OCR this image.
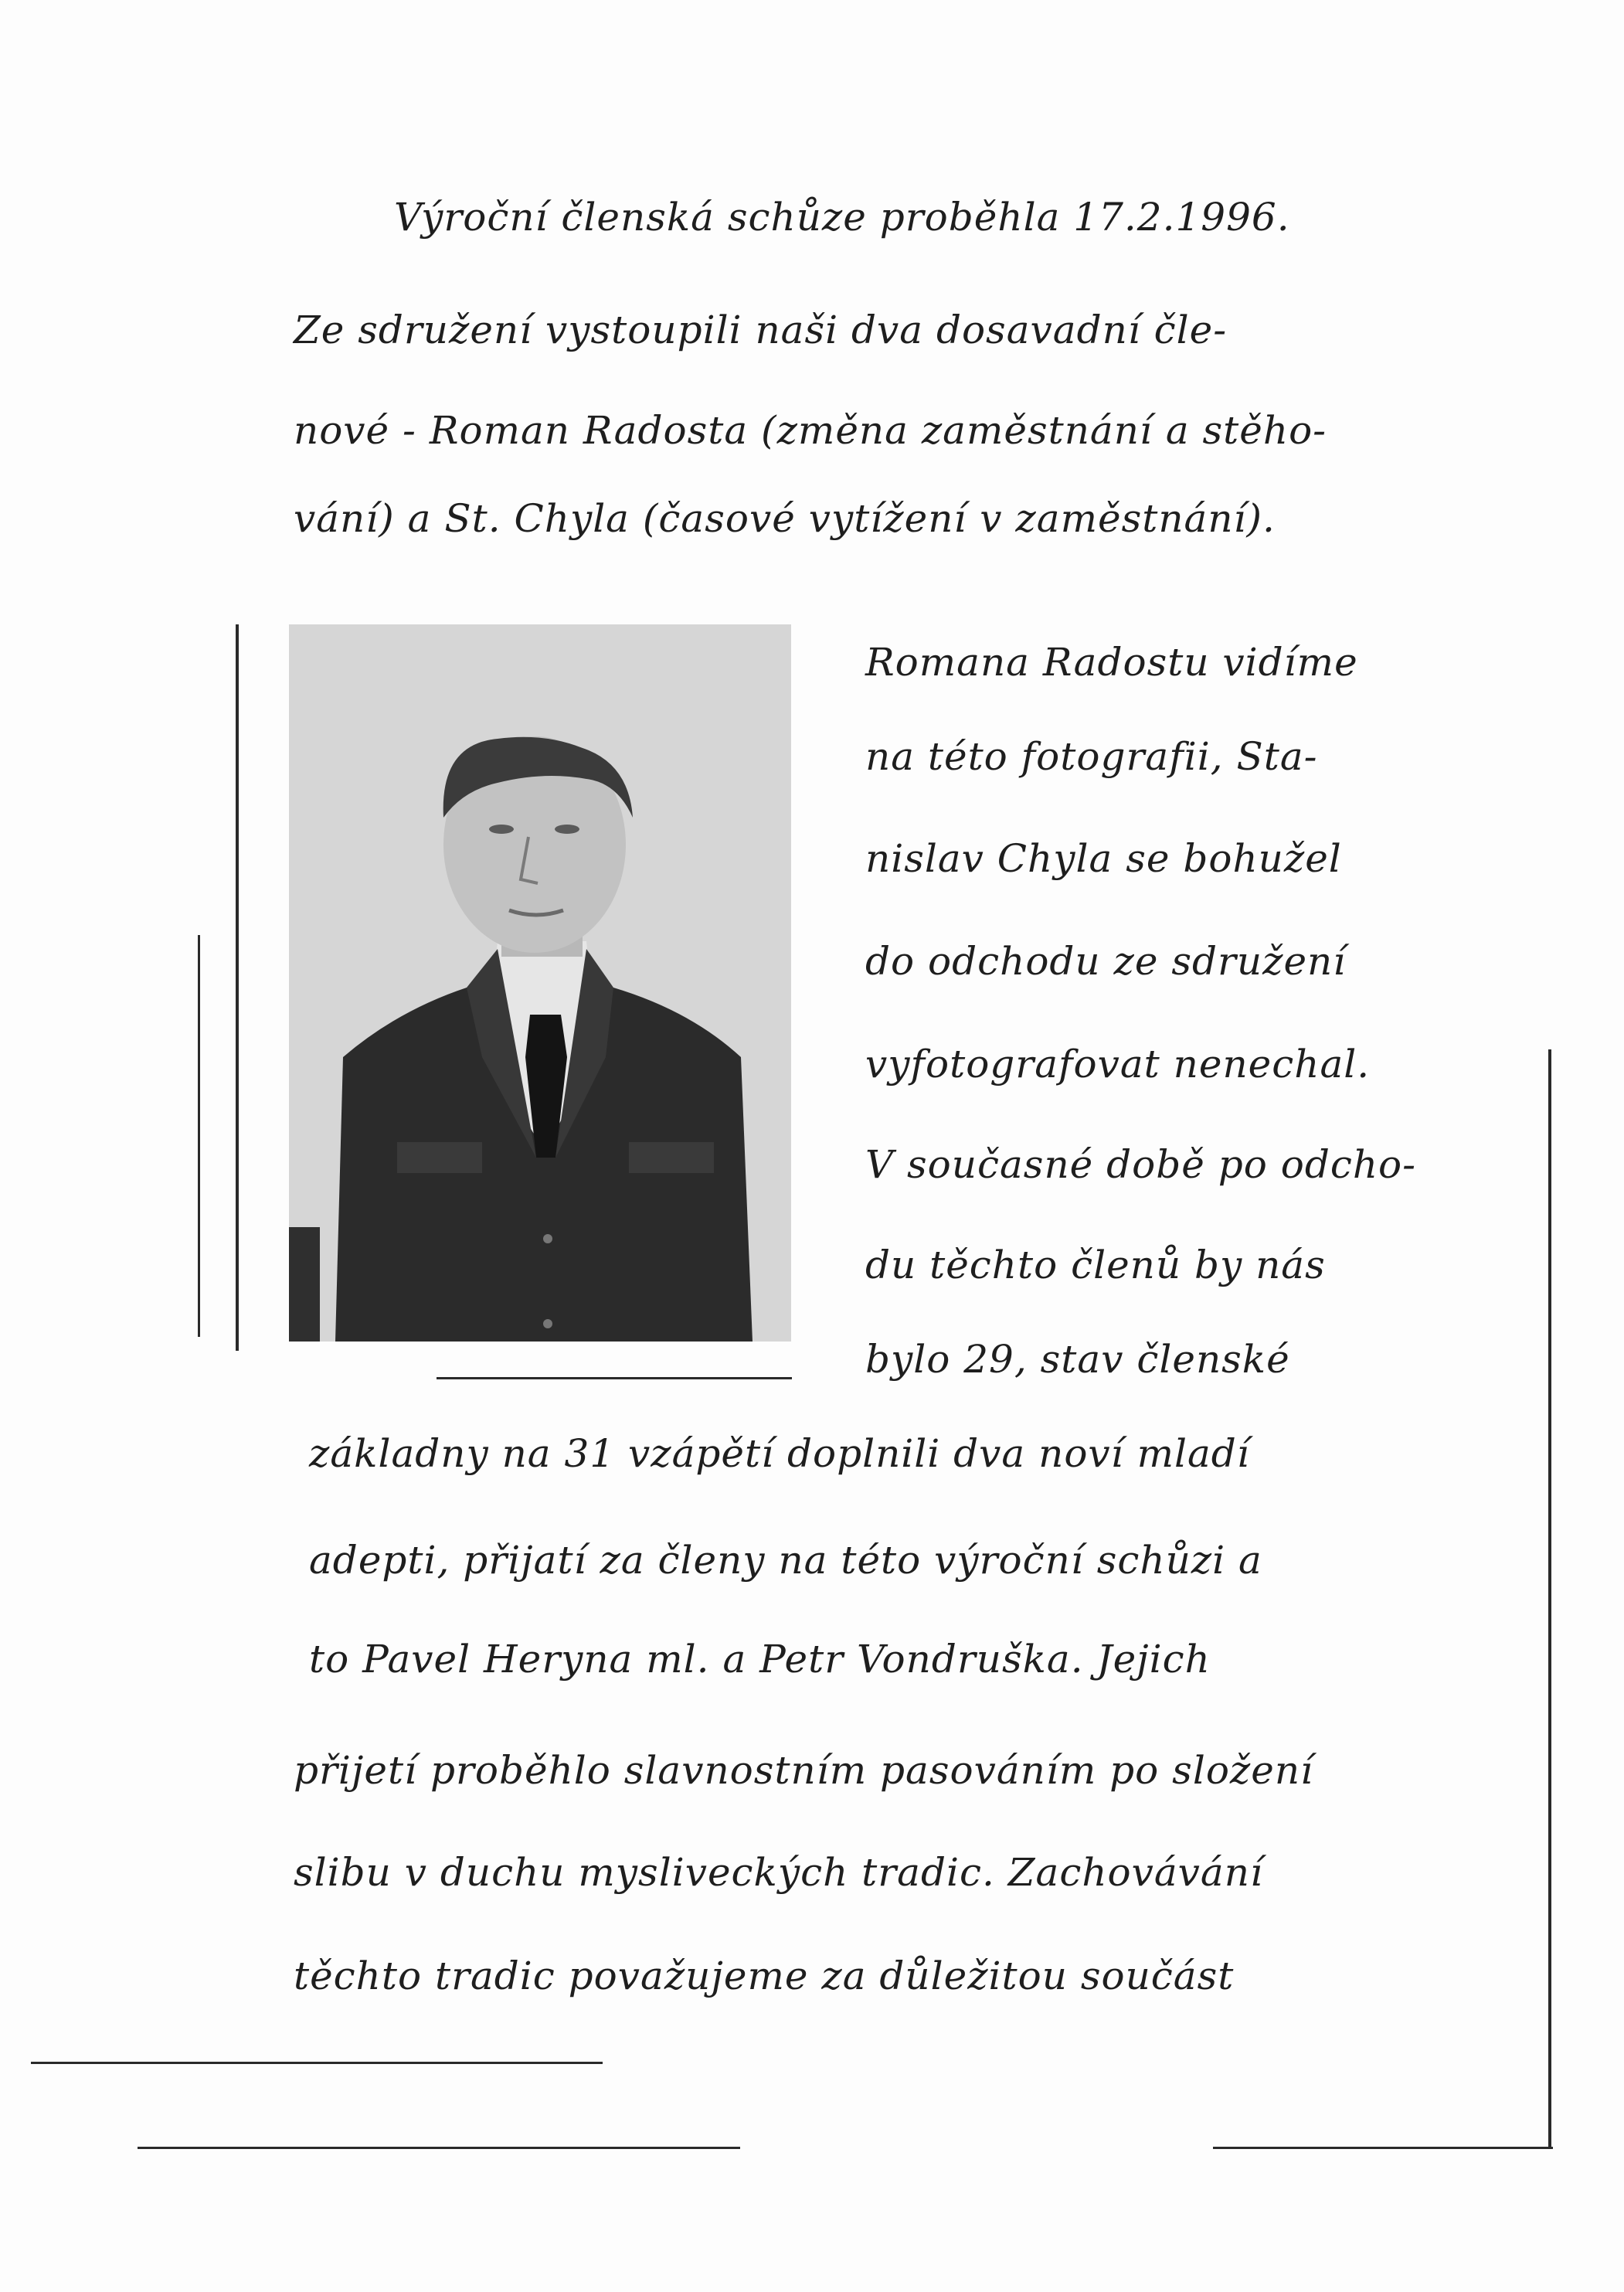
Výroční členská schůze proběhla 17.2.1996.
Ze sdružení vystoupili naši dva dosavadní čle-
nové - Roman Radosta (změna zaměstnání a stěho-
vání) a St. Chyla (časové vytížení v zaměstnání).
Romana Radostu vidíme
na této fotografii, Sta-
nislav Chyla se bohužel
do odchodu ze sdružení
vyfotografovat nenechal.
V současné době po odcho-
du těchto členů by nás
bylo 29, stav členské
základny na 31 vzápětí doplnili dva noví mladí
adepti, přijatí za členy na této výroční schůzi a
to Pavel Heryna ml. a Petr Vondruška. Jejich
přijetí proběhlo slavnostním pasováním po složení
slibu v duchu mysliveckých tradic. Zachovávání
těchto tradic považujeme za důležitou součást
